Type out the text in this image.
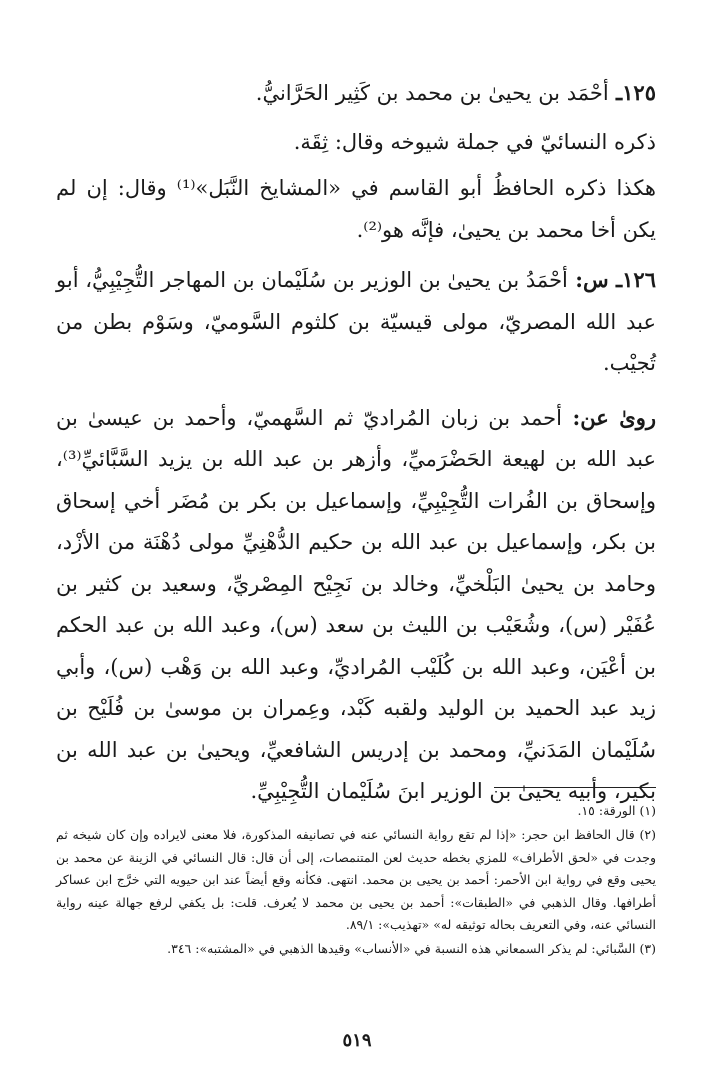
١٢٥ـ أحْمَد بن يحيىٰ بن محمد بن كَثِير الحَرَّانيُّ.

ذكره النسائيّ في جملة شيوخه وقال: ثِقَة.

هكذا ذكره الحافظُ أبو القاسم في «المشايخ النَّبَل»⁽¹⁾ وقال: إن لم يكن أخا محمد بن يحيىٰ، فإنَّه هو⁽²⁾.

١٢٦ـ س: أحْمَدُ بن يحيىٰ بن الوزير بن سُلَيْمان بن المهاجر التُّجِيْبِيُّ، أبو عبد الله المصريّ، مولى قيسيّة بن كلثوم السَّوميّ، وسَوْم بطن من تُجيْب.

روىٰ عن: أحمد بن زبان المُراديّ ثم السَّهميّ، وأحمد بن عيسىٰ بن عبد الله بن لهيعة الحَضْرَميِّ، وأزهر بن عبد الله بن يزيد السَّبَّائيِّ⁽³⁾، وإسحاق بن الفُرات التُّجِيْبِيِّ، وإسماعيل بن بكر بن مُضَر أخي إسحاق بن بكر، وإسماعيل بن عبد الله بن حكيم الدُّهْنِيِّ مولى دُهْنَة من الأزْد، وحامد بن يحيىٰ البَلْخيِّ، وخالد بن نَجِيْح المِصْريِّ، وسعيد بن كثير بن عُفَيْر (س)، وشُعَيْب بن الليث بن سعد (س)، وعبد الله بن عبد الحكم بن أعْيَن، وعبد الله بن كُلَيْب المُراديِّ، وعبد الله بن وَهْب (س)، وأبي زيد عبد الحميد بن الوليد ولقبه كَبْد، وعِمران بن موسىٰ بن فُلَيْح بن سُلَيْمان المَدَنيِّ، ومحمد بن إدريس الشافعيِّ، ويحيىٰ بن عبد الله بن بكير، وأبيه يحيىٰ بن الوزير ابنَ سُلَيْمان التُّجِيْبِيِّ.

(١) الورقة: ١٥.

(٢) قال الحافظ ابن حجر: «إذا لم تقع رواية النسائي عنه في تصانيفه المذكورة، فلا معنى لايراده وإن كان شيخه ثم وجدت في «لحق الأطراف» للمزي بخطه حديث لعن المتنمصات، إلى أن قال: قال النسائي في الزينة عن محمد بن يحيى وقع في رواية ابن الأحمر: أحمد بن يحيى بن محمد. انتهى. فكأنه وقع أيضاً عند ابن حيويه التي خرَّج ابن عساكر أطرافها. وقال الذهبي في «الطبقات»: أحمد بن يحيى بن محمد لا يُعرف. قلت: بل يكفي لرفع جهالة عينه رواية النسائي عنه، وفي التعريف بحاله توثيقه له» «تهذيب»: ٨٩/١.

(٣) السَّبائي: لم يذكر السمعاني هذه النسبة في «الأنساب» وقيدها الذهبي في «المشتبه»: ٣٤٦.

٥١٩
